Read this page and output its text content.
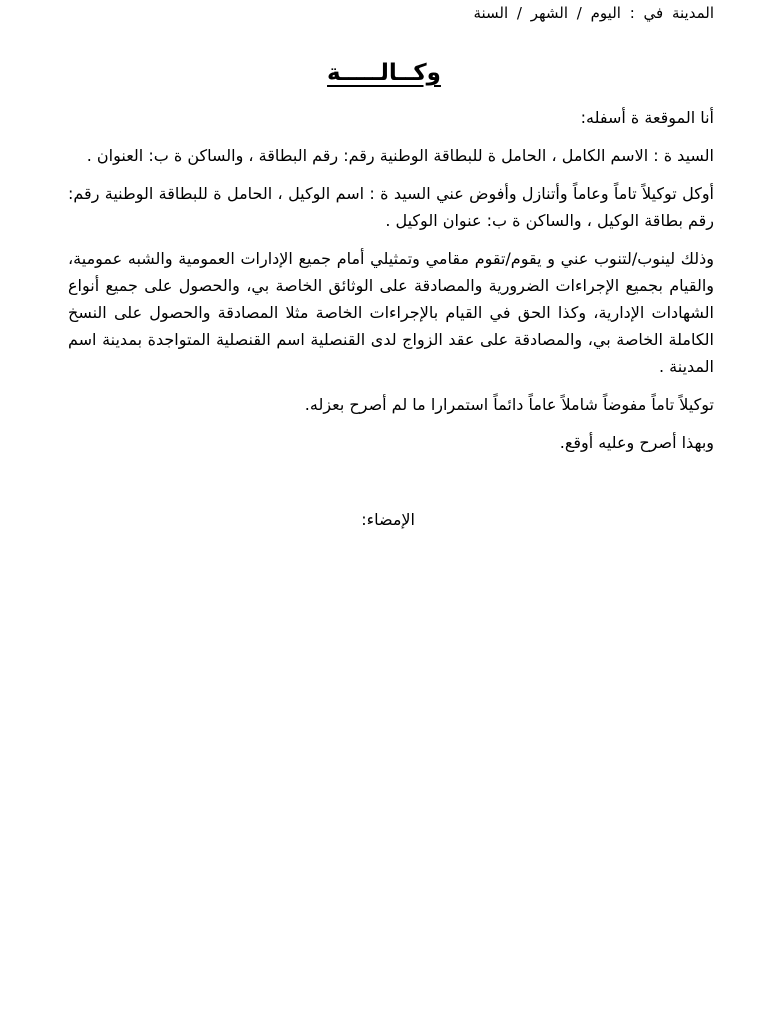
المدينة في : اليوم / الشهر / السنة
وكــالـــــة

أنا الموقعة ة أسفله:

السيد ة : الاسم الكامل ، الحامل ة للبطاقة الوطنية رقم: رقم البطاقة ، والساكن ة ب: العنوان .

أوكل توكيلاً تاماً وعاماً وأتنازل وأفوض عني السيد ة : اسم الوكيل ، الحامل ة للبطاقة الوطنية رقم: رقم بطاقة الوكيل ، والساكن ة ب: عنوان الوكيل .

وذلك لينوب/لتنوب عني و يقوم/تقوم مقامي وتمثيلي أمام جميع الإدارات العمومية والشبه عمومية، والقيام بجميع الإجراءات الضرورية والمصادقة على الوثائق الخاصة بي، والحصول على جميع أنواع الشهادات الإدارية، وكذا الحق في القيام بالإجراءات الخاصة مثلا المصادقة والحصول على النسخ الكاملة الخاصة بي، والمصادقة على عقد الزواج لدى القنصلية اسم القنصلية المتواجدة بمدينة اسم المدينة .

توكيلاً تاماً مفوضاً شاملاً عاماً دائماً استمرارا ما لم أصرح بعزله.

وبهذا أصرح وعليه أوقع.

الإمضاء:
